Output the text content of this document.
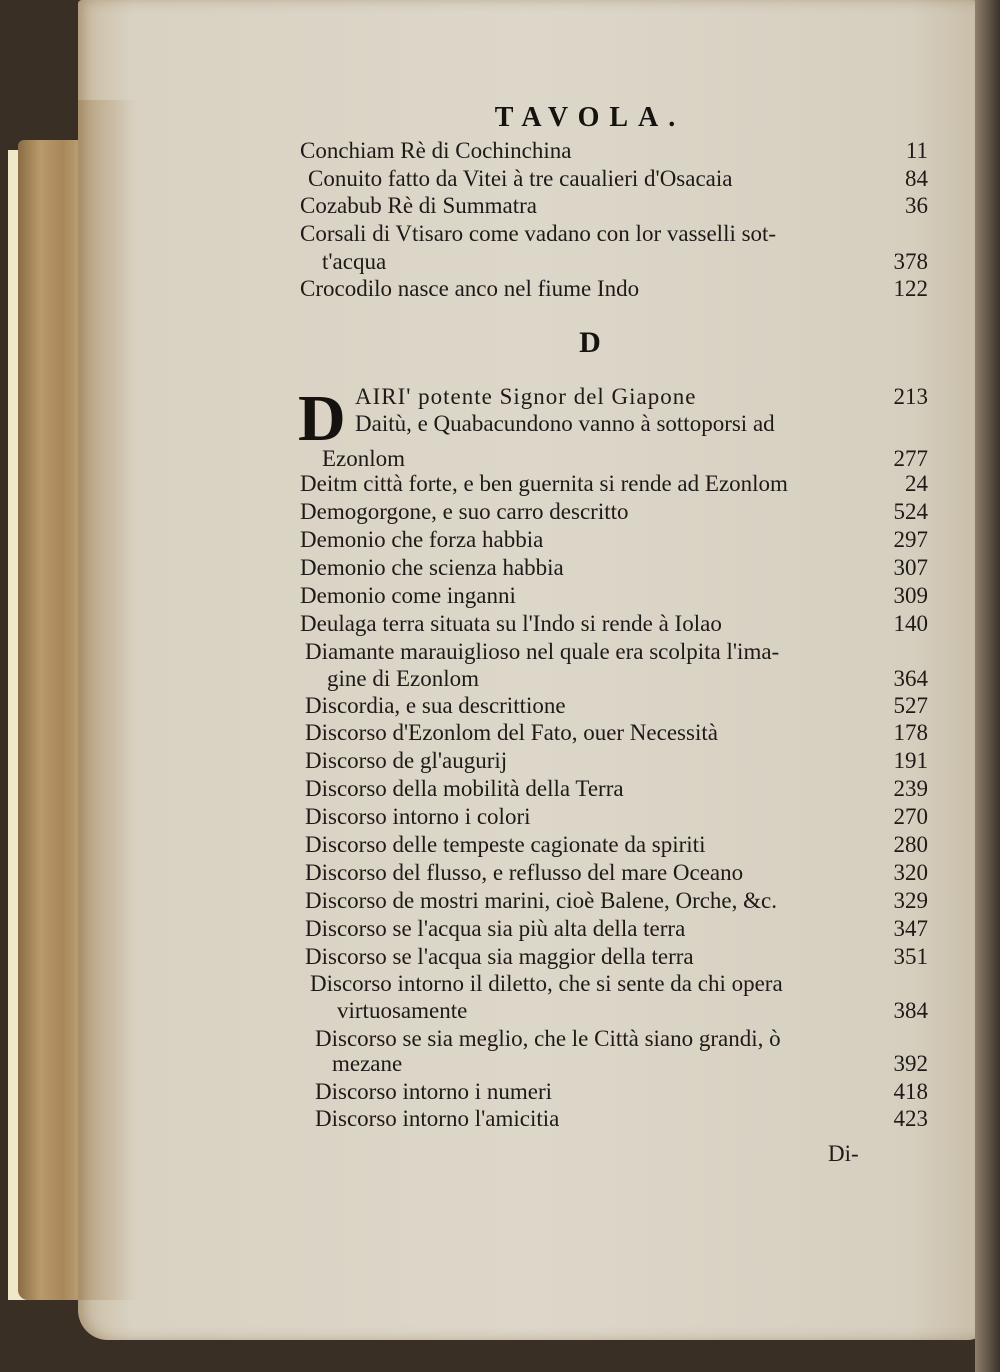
TAVOLA.
D
D
Conchiam Rè di Cochinchina	11
Conuito fatto da Vitei à tre caualieri d'Osacaia	84
Cozabub Rè di Summatra	36
Corsali di Vtisaro come vadano con lor vasselli sot-
t'acqua	378
Crocodilo nasce anco nel fiume Indo	122
AIRI' potente Signor del Giapone	213
Daitù, e Quabacundono vanno à sottoporsi ad
Ezonlom	277
Deitm città forte, e ben guernita si rende ad Ezonlom	24
Demogorgone, e suo carro descritto	524
Demonio che forza habbia	297
Demonio che scienza habbia	307
Demonio come inganni	309
Deulaga terra situata su l'Indo si rende à Iolao	140
Diamante marauiglioso nel quale era scolpita l'ima-
gine di Ezonlom	364
Discordia, e sua descrittione	527
Discorso d'Ezonlom del Fato, ouer Necessità	178
Discorso de gl'augurij	191
Discorso della mobilità della Terra	239
Discorso intorno i colori	270
Discorso delle tempeste cagionate da spiriti	280
Discorso del flusso, e reflusso del mare Oceano	320
Discorso de mostri marini, cioè Balene, Orche, &c.	329
Discorso se l'acqua sia più alta della terra	347
Discorso se l'acqua sia maggior della terra	351
Discorso intorno il diletto, che si sente da chi opera
virtuosamente	384
Discorso se sia meglio, che le Città siano grandi, ò
mezane	392
Discorso intorno i numeri	418
Discorso intorno l'amicitia	423
Di-
